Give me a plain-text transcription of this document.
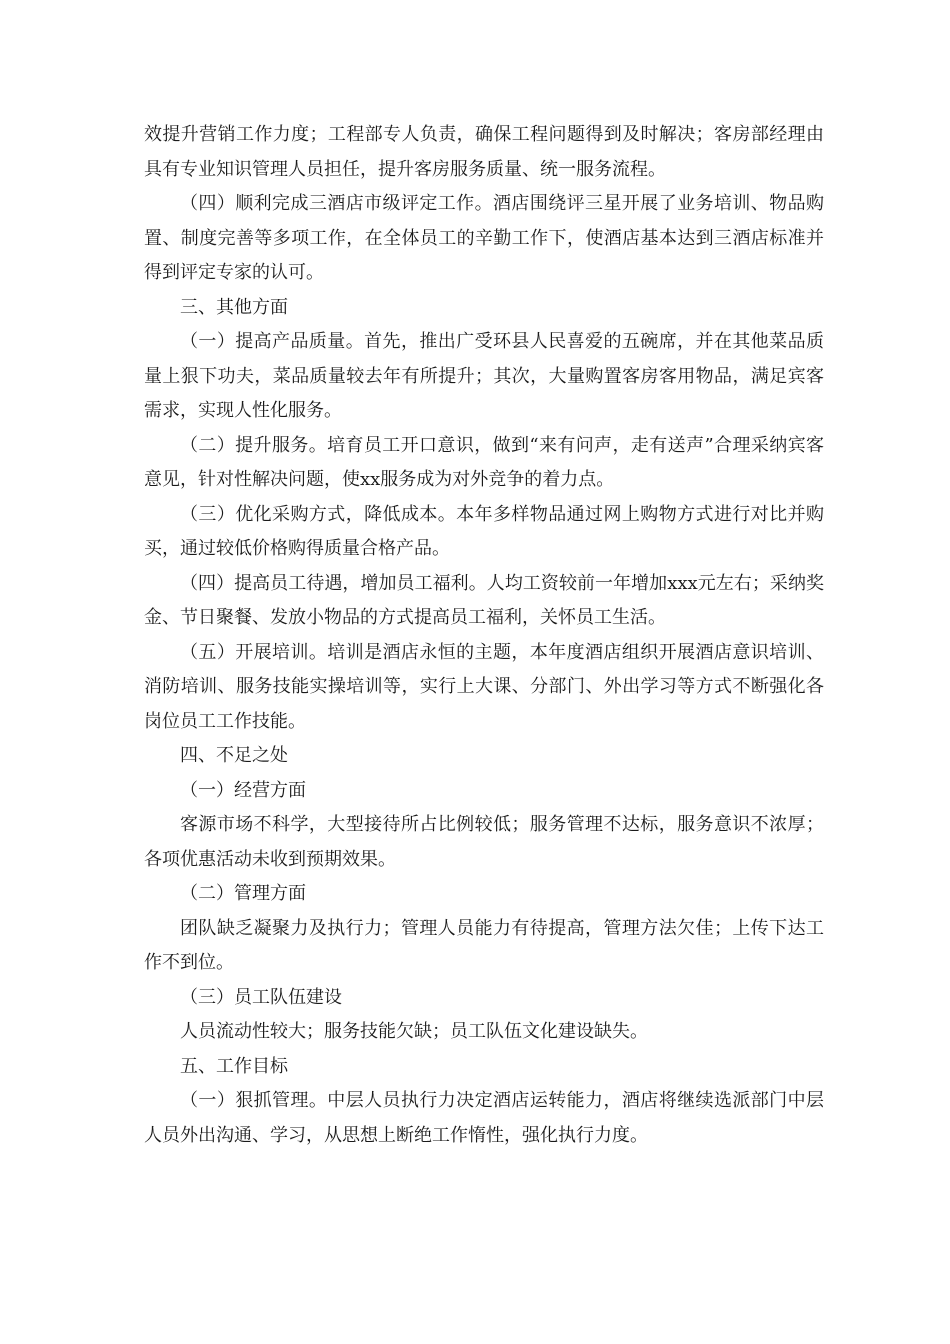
效提升营销工作力度；工程部专人负责，确保工程问题得到及时解决；客房部经理由具有专业知识管理人员担任，提升客房服务质量、统一服务流程。

（四）顺利完成三酒店市级评定工作。酒店围绕评三星开展了业务培训、物品购置、制度完善等多项工作，在全体员工的辛勤工作下，使酒店基本达到三酒店标准并得到评定专家的认可。

三、其他方面

（一）提高产品质量。首先，推出广受环县人民喜爱的五碗席，并在其他菜品质量上狠下功夫，菜品质量较去年有所提升；其次，大量购置客房客用物品，满足宾客需求，实现人性化服务。

（二）提升服务。培育员工开口意识，做到“来有问声，走有送声”合理采纳宾客意见，针对性解决问题，使xx服务成为对外竞争的着力点。

（三）优化采购方式，降低成本。本年多样物品通过网上购物方式进行对比并购买，通过较低价格购得质量合格产品。

（四）提高员工待遇，增加员工福利。人均工资较前一年增加xxx元左右；采纳奖金、节日聚餐、发放小物品的方式提高员工福利，关怀员工生活。

（五）开展培训。培训是酒店永恒的主题，本年度酒店组织开展酒店意识培训、消防培训、服务技能实操培训等，实行上大课、分部门、外出学习等方式不断强化各岗位员工工作技能。

四、不足之处

（一）经营方面

客源市场不科学，大型接待所占比例较低；服务管理不达标，服务意识不浓厚；各项优惠活动未收到预期效果。

（二）管理方面

团队缺乏凝聚力及执行力；管理人员能力有待提高，管理方法欠佳；上传下达工作不到位。

（三）员工队伍建设

人员流动性较大；服务技能欠缺；员工队伍文化建设缺失。

五、工作目标

（一）狠抓管理。中层人员执行力决定酒店运转能力，酒店将继续选派部门中层人员外出沟通、学习，从思想上断绝工作惰性，强化执行力度。
